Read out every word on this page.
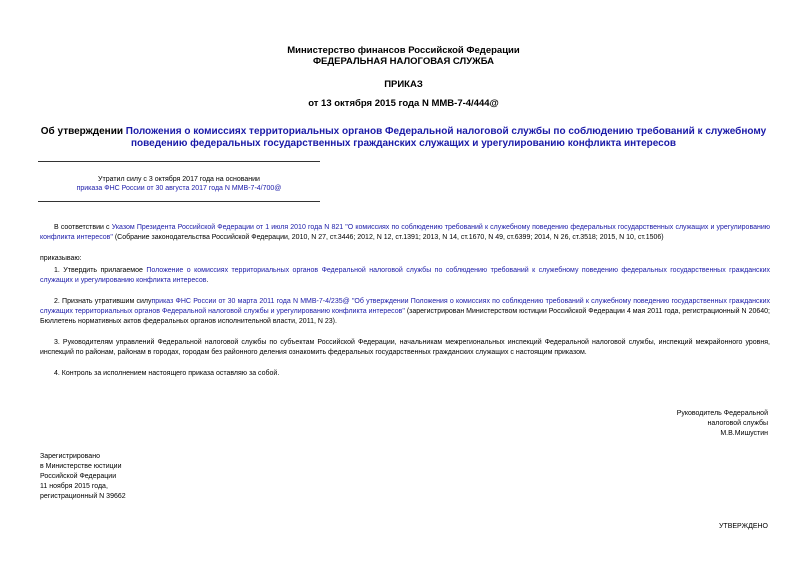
Министерство финансов Российской Федерации
ФЕДЕРАЛЬНАЯ НАЛОГОВАЯ СЛУЖБА
ПРИКАЗ
от 13 октября 2015 года N ММВ-7-4/444@
Об утверждении Положения о комиссиях территориальных органов Федеральной налоговой службы по соблюдению требований к служебному поведению федеральных государственных гражданских служащих и урегулированию конфликта интересов
Утратил силу с 3 октября 2017 года на основании
приказа ФНС России от 30 августа 2017 года N ММВ-7-4/700@
В соответствии с Указом Президента Российской Федерации от 1 июля 2010 года N 821 "О комиссиях по соблюдению требований к служебному поведению федеральных государственных служащих и урегулированию конфликта интересов" (Собрание законодательства Российской Федерации, 2010, N 27, ст.3446; 2012, N 12, ст.1391; 2013, N 14, ст.1670, N 49, ст.6399; 2014, N 26, ст.3518; 2015, N 10, ст.1506)
приказываю:
1. Утвердить прилагаемое Положение о комиссиях территориальных органов Федеральной налоговой службы по соблюдению требований к служебному поведению федеральных государственных гражданских служащих и урегулированию конфликта интересов.
2. Признать утратившим силуприказ ФНС России от 30 марта 2011 года N ММВ-7-4/235@ "Об утверждении Положения о комиссиях по соблюдению требований к служебному поведению государственных гражданских служащих территориальных органов Федеральной налоговой службы и урегулированию конфликта интересов" (зарегистрирован Министерством юстиции Российской Федерации 4 мая 2011 года, регистрационный N 20640; Бюллетень нормативных актов федеральных органов исполнительной власти, 2011, N 23).
3. Руководителям управлений Федеральной налоговой службы по субъектам Российской Федерации, начальникам межрегиональных инспекций Федеральной налоговой службы, инспекций межрайонного уровня, инспекций по районам, районам в городах, городам без районного деления ознакомить федеральных государственных гражданских служащих с настоящим приказом.
4. Контроль за исполнением настоящего приказа оставляю за собой.
Руководитель Федеральной
налоговой службы
М.В.Мишустин
Зарегистрировано
в Министерстве юстиции
Российской Федерации
11 ноября 2015 года,
регистрационный N 39662
УТВЕРЖДЕНО
